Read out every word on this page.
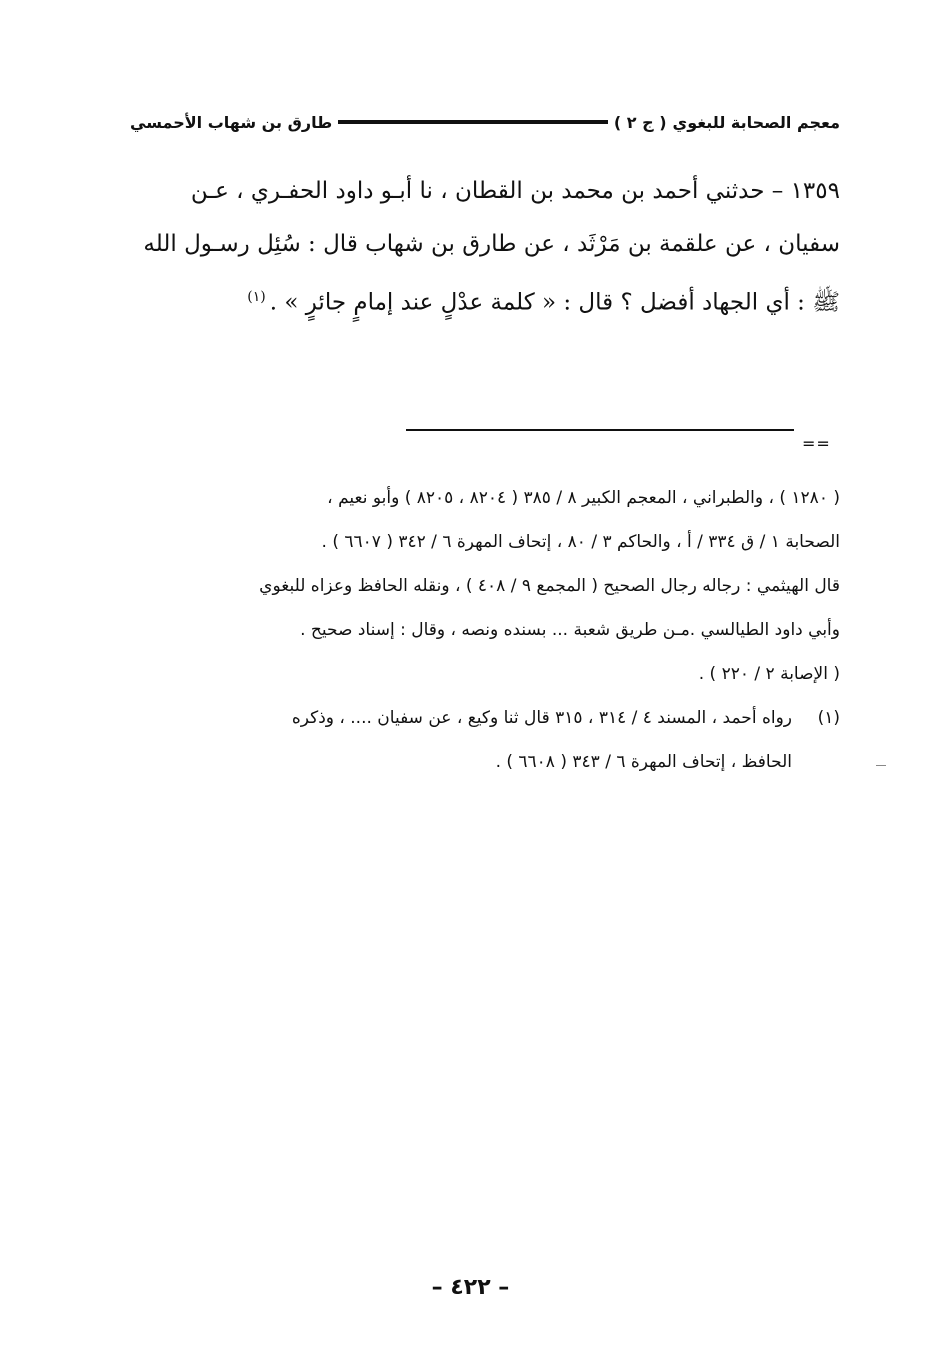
معجم الصحابة للبغوي
( ج ٢ )
طارق بن شهاب الأحمسي
١٣٥٩ – حدثني أحمد بن محمد بن القطان ، نا أبـو داود الحفـري ، عـن
سفيان ، عن علقمة بن مَرْثَد ، عن طارق بن شهاب قال : سُئِل رسـول الله
ﷺ : أي الجهاد أفضل ؟ قال : « كلمة عدْلٍ عند إمامٍ جائرٍ » .$^{(١)}$
==
( ١٢٨٠ ) ، والطبراني ، المعجم الكبير ٨ / ٣٨٥ ( ٨٢٠٤ ، ٨٢٠٥ ) وأبو نعيم ،
الصحابة ١ / ق ٣٣٤ / أ ، والحاكم ٣ / ٨٠ ، إتحاف المهرة ٦ / ٣٤٢ ( ٦٦٠٧ ) .
قال الهيثمي : رجاله رجال الصحيح ( المجمع ٩ / ٤٠٨ ) ، ونقله الحافظ وعزاه للبغوي
وأبي داود الطيالسي .مـن طريق شعبة ... بسنده ونصه ، وقال : إسناد صحيح .
( الإصابة ٢ / ٢٢٠ ) .
(١)
رواه أحمد ، المسند ٤ / ٣١٤ ، ٣١٥ قال ثنا وكيع ، عن سفيان .... ، وذكره
الحافظ ، إتحاف المهرة ٦ / ٣٤٣ ( ٦٦٠٨ ) .
– ٤٢٢ –
